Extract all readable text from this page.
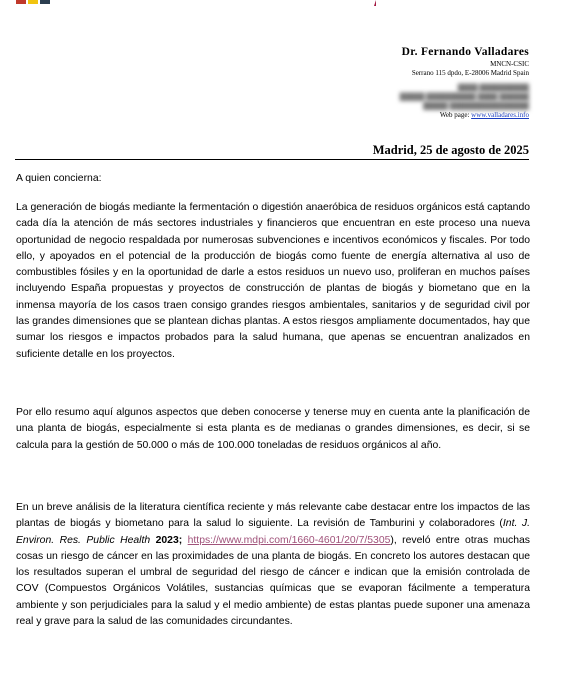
Dr. Fernando Valladares
MNCN-CSIC
Serrano 115 dpdo, E-28006 Madrid Spain
████ ██████████
█████ ██████████ ████ ██████
█████ ████████████████
Web page: www.valladares.info
Madrid, 25 de agosto de 2025

A quien concierna:

La generación de biogás mediante la fermentación o digestión anaeróbica de residuos orgánicos está captando cada día la atención de más sectores industriales y financieros que encuentran en este proceso una nueva oportunidad de negocio respaldada por numerosas subvenciones e incentivos económicos y fiscales. Por todo ello, y apoyados en el potencial de la producción de biogás como fuente de energía alternativa al uso de combustibles fósiles y en la oportunidad de darle a estos residuos un nuevo uso, proliferan en muchos países incluyendo España propuestas y proyectos de construcción de plantas de biogás y biometano que en la inmensa mayoría de los casos traen consigo grandes riesgos ambientales, sanitarios y de seguridad civil por las grandes dimensiones que se plantean dichas plantas. A estos riesgos ampliamente documentados, hay que sumar los riesgos e impactos probados para la salud humana, que apenas se encuentran analizados en suficiente detalle en los proyectos.

Por ello resumo aquí algunos aspectos que deben conocerse y tenerse muy en cuenta ante la planificación de una planta de biogás, especialmente si esta planta es de medianas o grandes dimensiones, es decir, si se calcula para la gestión de 50.000 o más de 100.000 toneladas de residuos orgánicos al año.

En un breve análisis de la literatura científica reciente y más relevante cabe destacar entre los impactos de las plantas de biogás y biometano para la salud lo siguiente. La revisión de Tamburini y colaboradores (Int. J. Environ. Res. Public Health 2023; https://www.mdpi.com/1660-4601/20/7/5305), reveló entre otras muchas cosas un riesgo de cáncer en las proximidades de una planta de biogás. En concreto los autores destacan que los resultados superan el umbral de seguridad del riesgo de cáncer e indican que la emisión controlada de COV (Compuestos Orgánicos Volátiles, sustancias químicas que se evaporan fácilmente a temperatura ambiente y son perjudiciales para la salud y el medio ambiente) de estas plantas puede suponer una amenaza real y grave para la salud de las comunidades circundantes.
